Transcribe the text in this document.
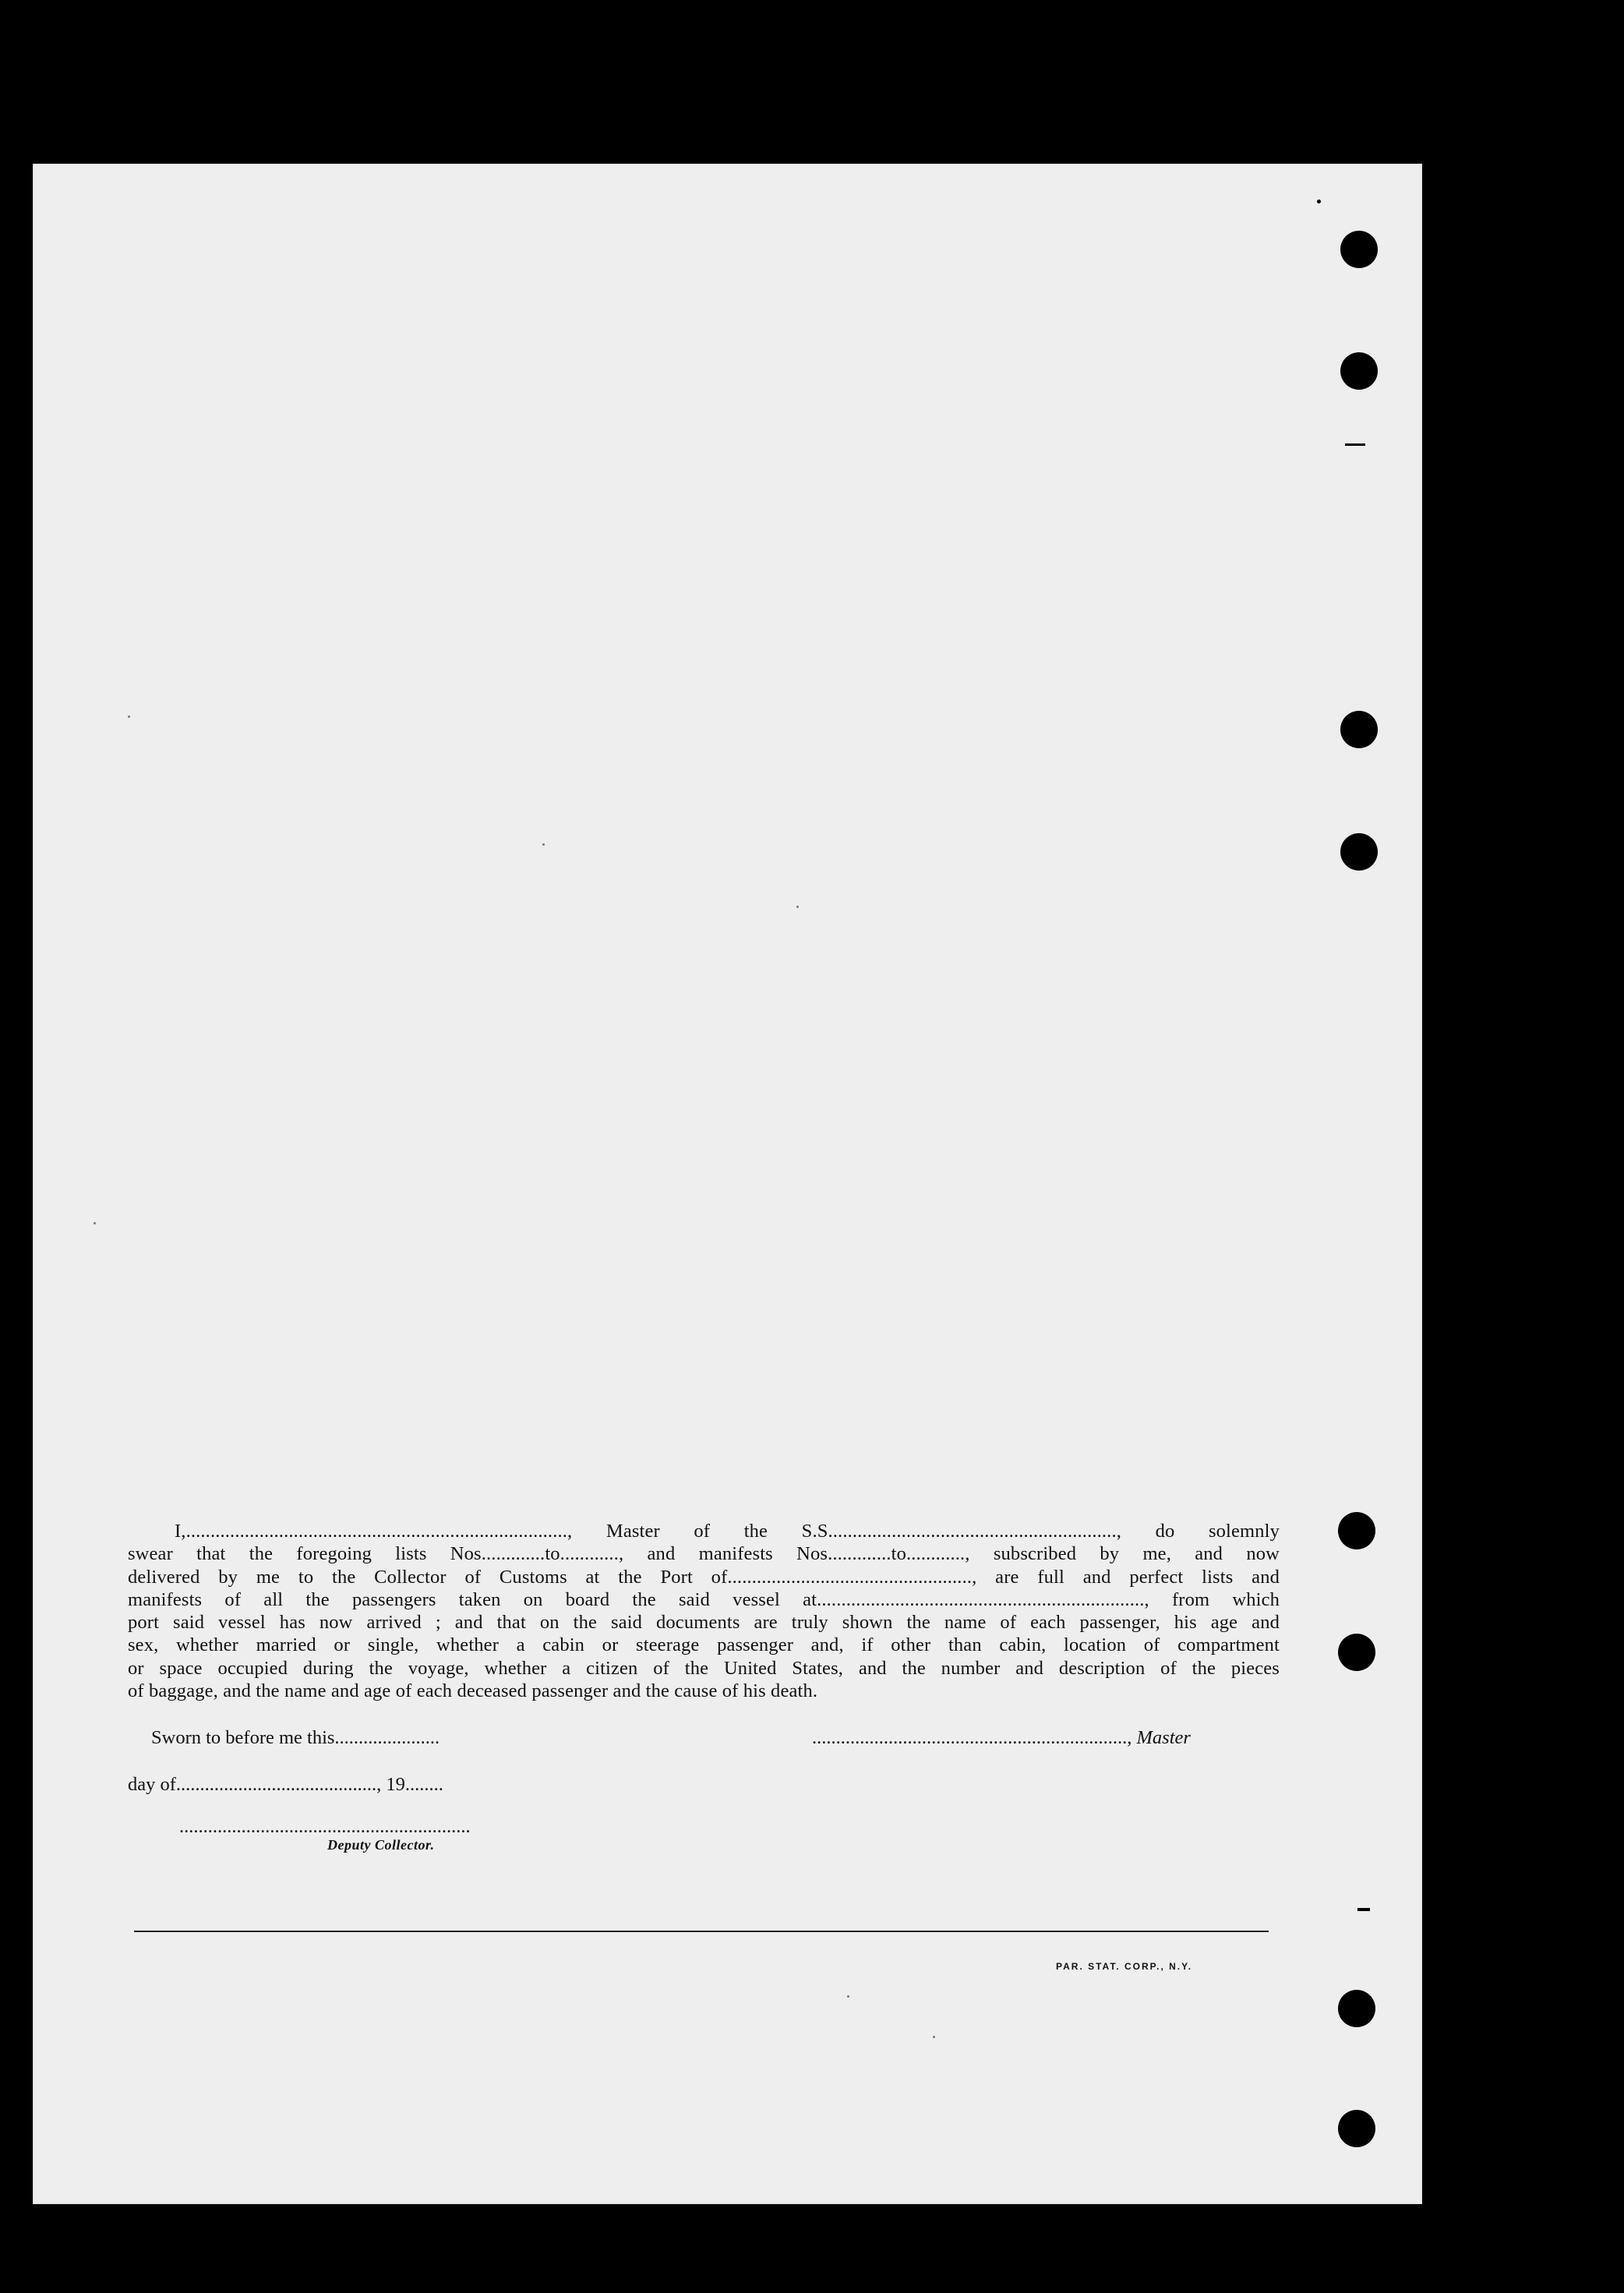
I,.............................................................................., Master of the S.S..........................................................., do solemnly
swear that the foregoing lists Nos.............to............, and manifests Nos.............to............, subscribed by me, and now
delivered by me to the Collector of Customs at the Port of.................................................., are full and perfect lists and
manifests of all the passengers taken on board the said vessel at..................................................................., from which
port said vessel has now arrived ; and that on the said documents are truly shown the name of each passenger, his age and
sex, whether married or single, whether a cabin or steerage passenger and, if other than cabin, location of compartment
or space occupied during the voyage, whether a citizen of the United States, and the number and description of the pieces
of baggage, and the name and age of each deceased passenger and the cause of his death.
Sworn to before me this......................	.................................................................., Master
day of.........................................., 19........
.............................................................
Deputy Collector.
PAR. STAT. CORP., N.Y.
